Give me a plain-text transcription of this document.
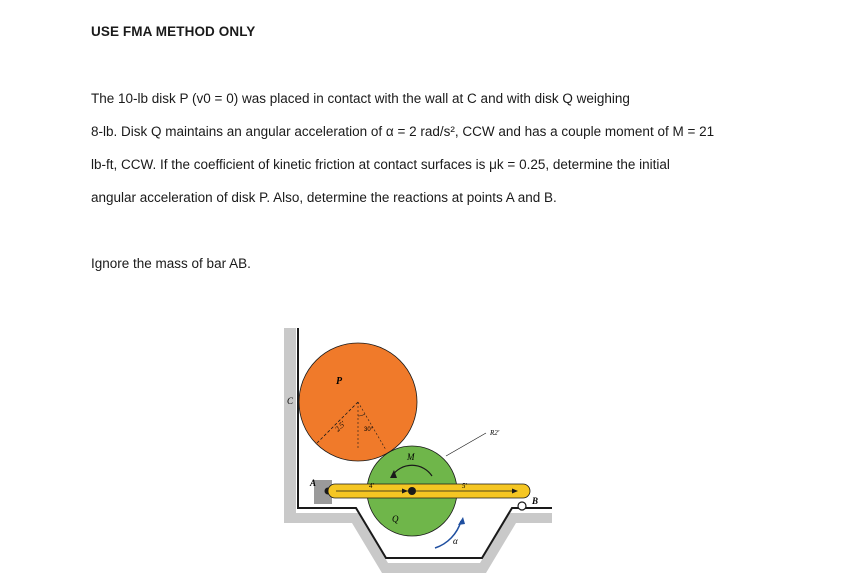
USE FMA METHOD ONLY
The 10-lb disk P (v0 = 0) was placed in contact with the wall at C and with disk Q weighing
8-lb. Disk Q maintains an angular acceleration of α = 2 rad/s², CCW and has a couple moment of M = 21
lb-ft, CCW. If the coefficient of kinetic friction at contact surfaces is μk = 0.25, determine the initial
angular acceleration of disk P. Also, determine the reactions at points A and B.
Ignore the mass of bar AB.
P
C
2.5'	30°	R2'
M
A	4'	5'
B
Q
α
